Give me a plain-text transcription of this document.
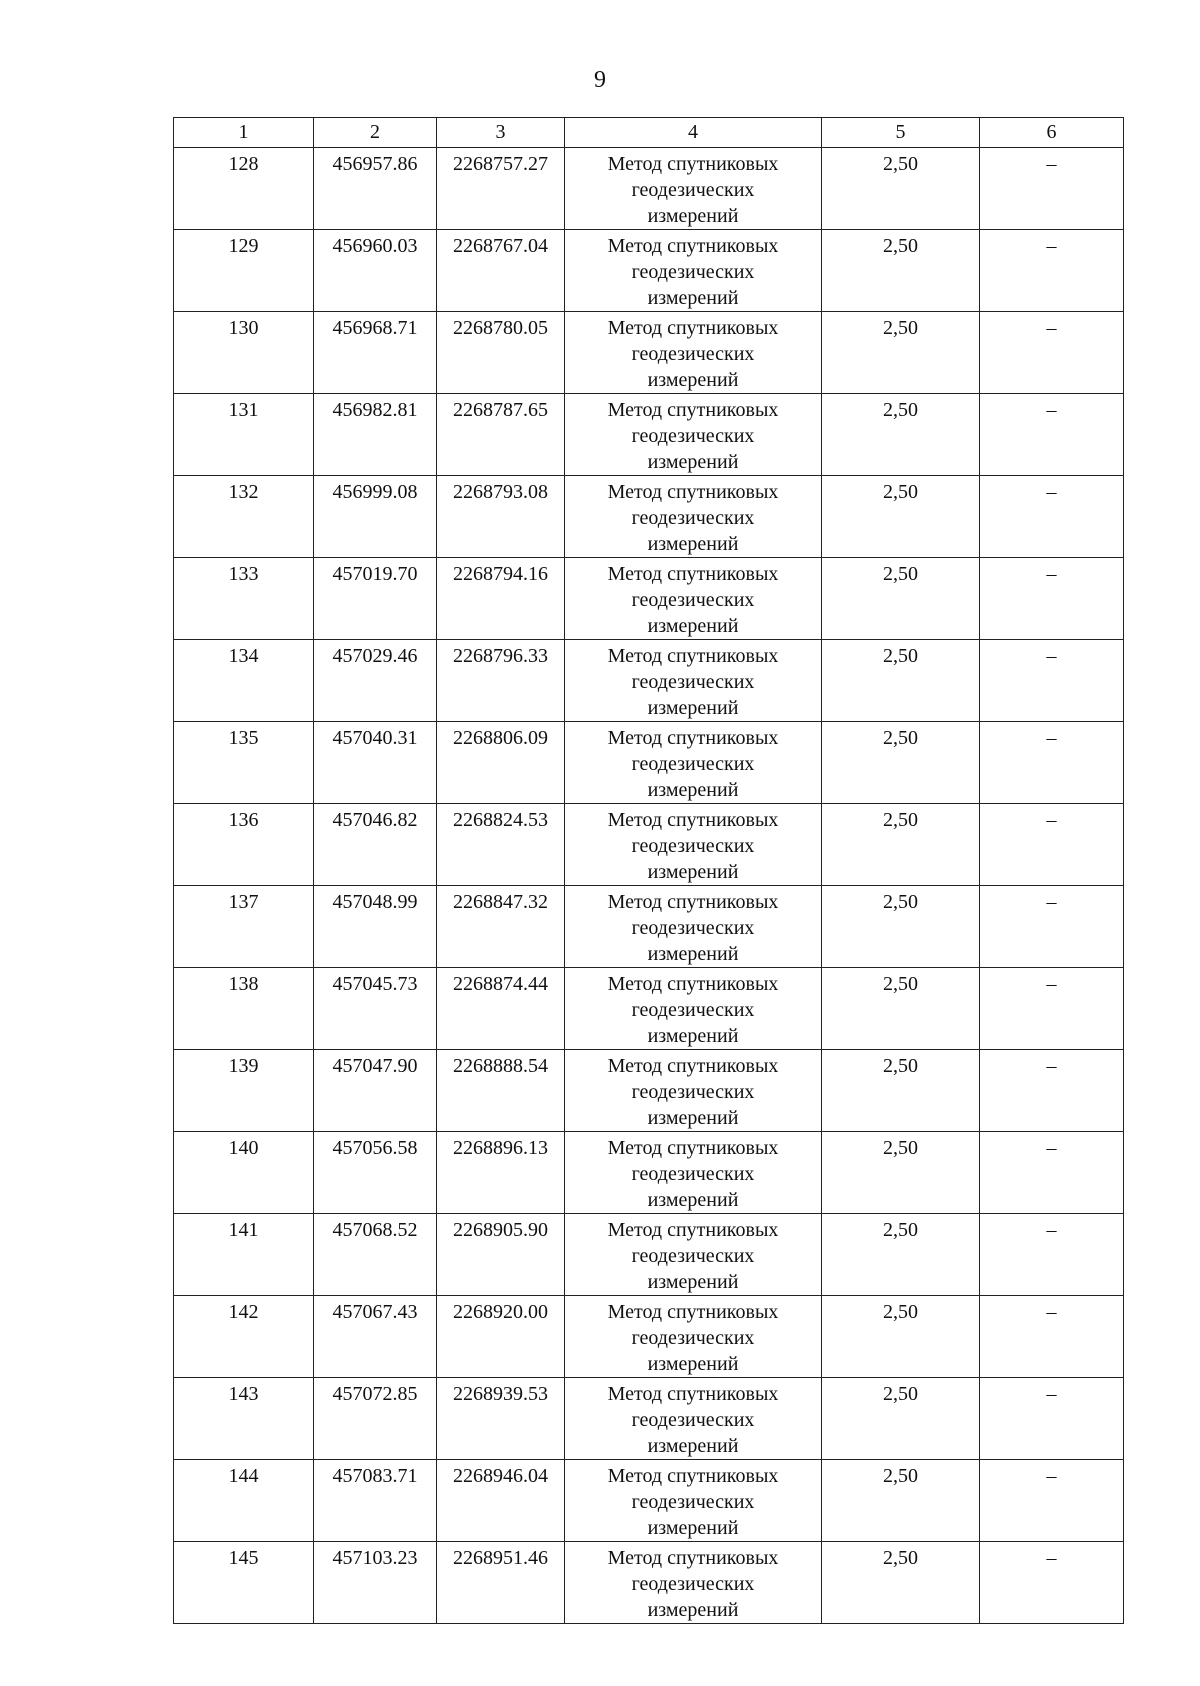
9
1	2	3	4	5	6
128	456957.86	2268757.27	Метод спутниковых
геодезических
измерений	2,50	–
129	456960.03	2268767.04	Метод спутниковых
геодезических
измерений	2,50	–
130	456968.71	2268780.05	Метод спутниковых
геодезических
измерений	2,50	–
131	456982.81	2268787.65	Метод спутниковых
геодезических
измерений	2,50	–
132	456999.08	2268793.08	Метод спутниковых
геодезических
измерений	2,50	–
133	457019.70	2268794.16	Метод спутниковых
геодезических
измерений	2,50	–
134	457029.46	2268796.33	Метод спутниковых
геодезических
измерений	2,50	–
135	457040.31	2268806.09	Метод спутниковых
геодезических
измерений	2,50	–
136	457046.82	2268824.53	Метод спутниковых
геодезических
измерений	2,50	–
137	457048.99	2268847.32	Метод спутниковых
геодезических
измерений	2,50	–
138	457045.73	2268874.44	Метод спутниковых
геодезических
измерений	2,50	–
139	457047.90	2268888.54	Метод спутниковых
геодезических
измерений	2,50	–
140	457056.58	2268896.13	Метод спутниковых
геодезических
измерений	2,50	–
141	457068.52	2268905.90	Метод спутниковых
геодезических
измерений	2,50	–
142	457067.43	2268920.00	Метод спутниковых
геодезических
измерений	2,50	–
143	457072.85	2268939.53	Метод спутниковых
геодезических
измерений	2,50	–
144	457083.71	2268946.04	Метод спутниковых
геодезических
измерений	2,50	–
145	457103.23	2268951.46	Метод спутниковых
геодезических
измерений	2,50	–
